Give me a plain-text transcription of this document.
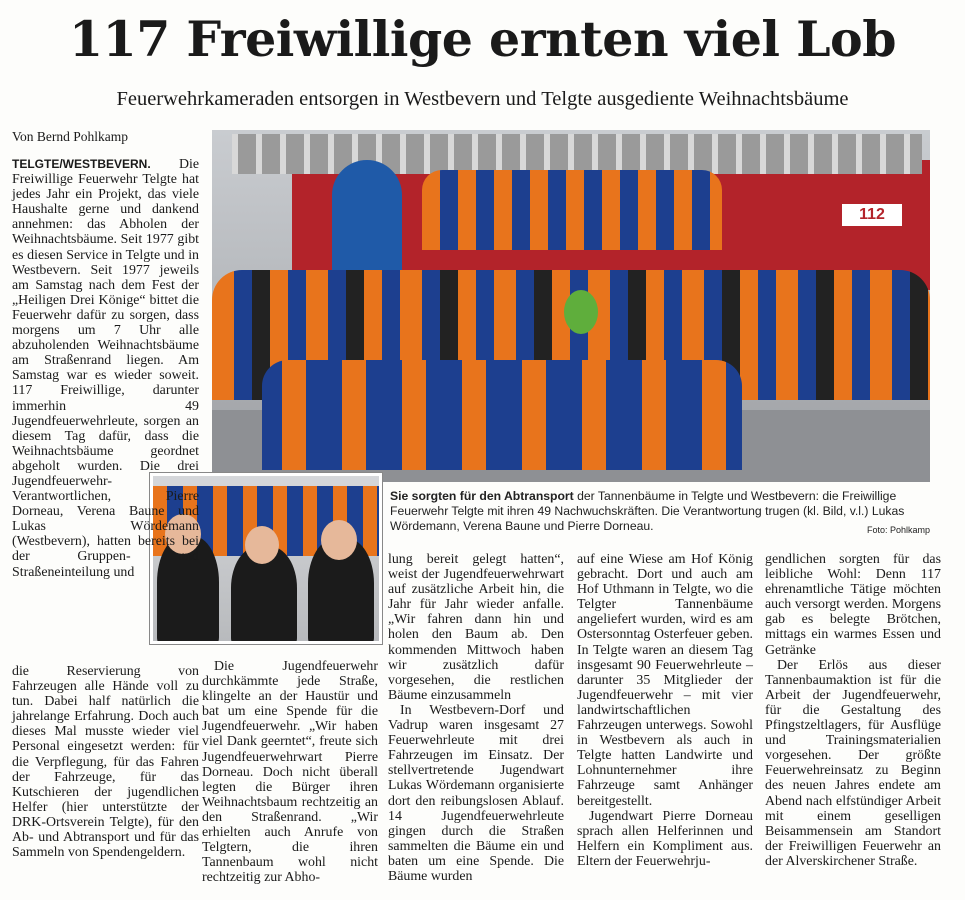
117 Freiwillige ernten viel Lob
Feuerwehrkameraden entsorgen in Westbevern und Telgte ausgediente Weihnachtsbäume
Von Bernd Pohlkamp
112
Sie sorgten für den Abtransport der Tannenbäume in Telgte und Westbevern: die Freiwillige Feuerwehr Telgte mit ihren 49 Nachwuchskräften. Die Verantwortung trugen (kl. Bild, v.l.) Lukas Wördemann, Verena Baune und Pierre Dorneau.	Foto: Pohlkamp

TELGTE/WESTBEVERN. Die Freiwillige Feuerwehr Telgte hat jedes Jahr ein Projekt, das viele Haushalte gerne und dankend annehmen: das Abholen der Weihnachtsbäume. Seit 1977 gibt es diesen Service in Telgte und in Westbevern. Seit 1977 jeweils am Samstag nach dem Fest der „Heiligen Drei Könige“ bittet die Feuerwehr dafür zu sorgen, dass morgens um 7 Uhr alle abzuholenden Weihnachtsbäume am Straßenrand liegen. Am Samstag war es wieder soweit. 117 Freiwillige, darunter immerhin 49 Jugendfeuerwehrleute, sorgen an diesem Tag dafür, dass die Weihnachtsbäume geordnet abgeholt wurden. Die drei Jugendfeuerwehr-Verantwortlichen, Pierre Dorneau, Verena Baune und Lukas Wördemann (Westbevern), hatten bereits bei der Gruppen- und Straßeneinteilung und

die Reservierung von Fahrzeugen alle Hände voll zu tun. Dabei half natürlich die jahrelange Erfahrung. Doch auch dieses Mal musste wieder viel Personal eingesetzt werden: für die Verpflegung, für das Fahren der Fahrzeuge, für das Kutschieren der jugendlichen Helfer (hier unterstützte der DRK-Ortsverein Telgte), für den Ab- und Abtransport und für das Sammeln von Spendengeldern.

Die Jugendfeuerwehr durchkämmte jede Straße, klingelte an der Haustür und bat um eine Spende für die Jugendfeuerwehr. „Wir haben viel Dank geerntet“, freute sich Jugendfeuerwehrwart Pierre Dorneau. Doch nicht überall legten die Bürger ihren Weihnachtsbaum rechtzeitig an den Straßenrand. „Wir erhielten auch Anrufe von Telgtern, die ihren Tannenbaum wohl nicht rechtzeitig zur Abho-

lung bereit gelegt hatten“, weist der Jugendfeuerwehrwart auf zusätzliche Arbeit hin, die Jahr für Jahr wieder anfalle. „Wir fahren dann hin und holen den Baum ab. Den kommenden Mittwoch haben wir zusätzlich dafür vorgesehen, die restlichen Bäume einzusammeln

In Westbevern-Dorf und Vadrup waren insgesamt 27 Feuerwehrleute mit drei Fahrzeugen im Einsatz. Der stellvertretende Jugendwart Lukas Wördemann organisierte dort den reibungslosen Ablauf. 14 Jugendfeuerwehrleute gingen durch die Straßen sammelten die Bäume ein und baten um eine Spende. Die Bäume wurden

auf eine Wiese am Hof König gebracht. Dort und auch am Hof Uthmann in Telgte, wo die Telgter Tannenbäume angeliefert wurden, wird es am Ostersonntag Osterfeuer geben. In Telgte waren an diesem Tag insgesamt 90 Feuerwehrleute – darunter 35 Mitglieder der Jugendfeuerwehr – mit vier landwirtschaftlichen Fahrzeugen unterwegs. Sowohl in Westbevern als auch in Telgte hatten Landwirte und Lohnunternehmer ihre Fahrzeuge samt Anhänger bereitgestellt.

Jugendwart Pierre Dorneau sprach allen Helferinnen und Helfern ein Kompliment aus. Eltern der Feuerwehrju-

gendlichen sorgten für das leibliche Wohl: Denn 117 ehrenamtliche Tätige möchten auch versorgt werden. Morgens gab es belegte Brötchen, mittags ein warmes Essen und Getränke

Der Erlös aus dieser Tannenbaumaktion ist für die Arbeit der Jugendfeuerwehr, für die Gestaltung des Pfingstzeltlagers, für Ausflüge und Trainingsmaterialien vorgesehen. Der größte Feuerwehreinsatz zu Beginn des neuen Jahres endete am Abend nach elfstündiger Arbeit mit einem geselligen Beisammensein am Standort der Freiwilligen Feuerwehr an der Alverskirchener Straße.
